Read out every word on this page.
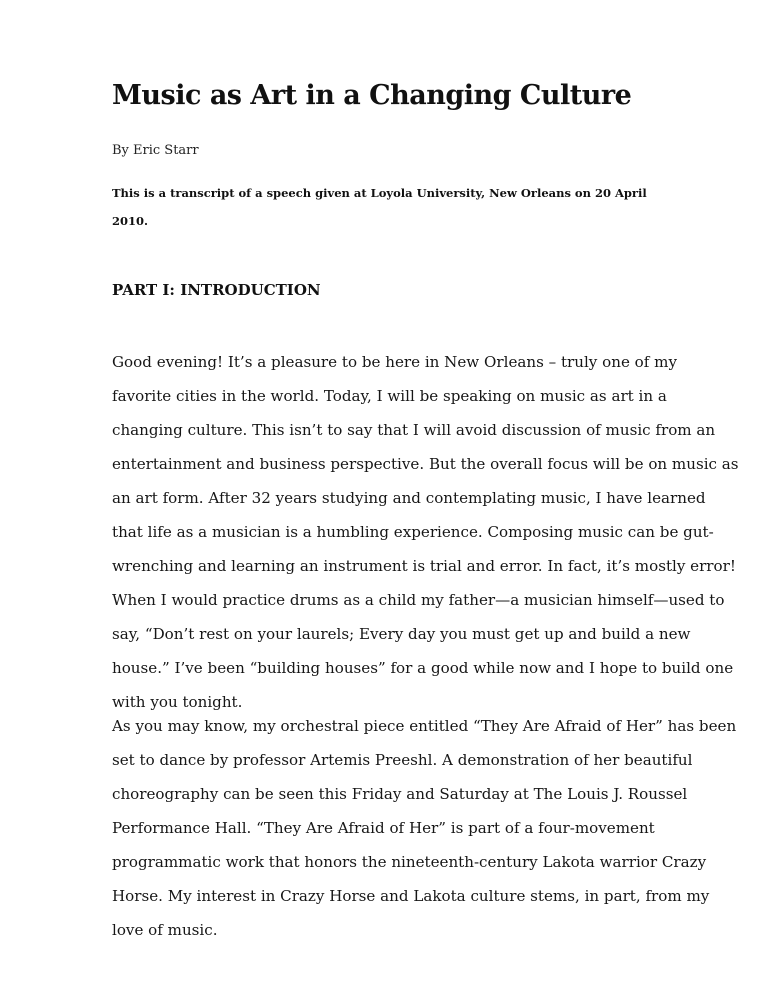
Music as Art in a Changing Culture
By Eric Starr
This is a transcript of a speech given at Loyola University, New Orleans on 20 April
2010.
PART I: INTRODUCTION
Good evening! It’s a pleasure to be here in New Orleans – truly one of my
favorite cities in the world. Today, I will be speaking on music as art in a
changing culture. This isn’t to say that I will avoid discussion of music from an
entertainment and business perspective. But the overall focus will be on music as
an art form. After 32 years studying and contemplating music, I have learned
that life as a musician is a humbling experience. Composing music can be gut-
wrenching and learning an instrument is trial and error. In fact, it’s mostly error!
When I would practice drums as a child my father—a musician himself—used to
say, “Don’t rest on your laurels; Every day you must get up and build a new
house.” I’ve been “building houses” for a good while now and I hope to build one
with you tonight.
As you may know, my orchestral piece entitled “They Are Afraid of Her” has been
set to dance by professor Artemis Preeshl. A demonstration of her beautiful
choreography can be seen this Friday and Saturday at The Louis J. Roussel
Performance Hall. “They Are Afraid of Her” is part of a four-movement
programmatic work that honors the nineteenth-century Lakota warrior Crazy
Horse. My interest in Crazy Horse and Lakota culture stems, in part, from my
love of music.
